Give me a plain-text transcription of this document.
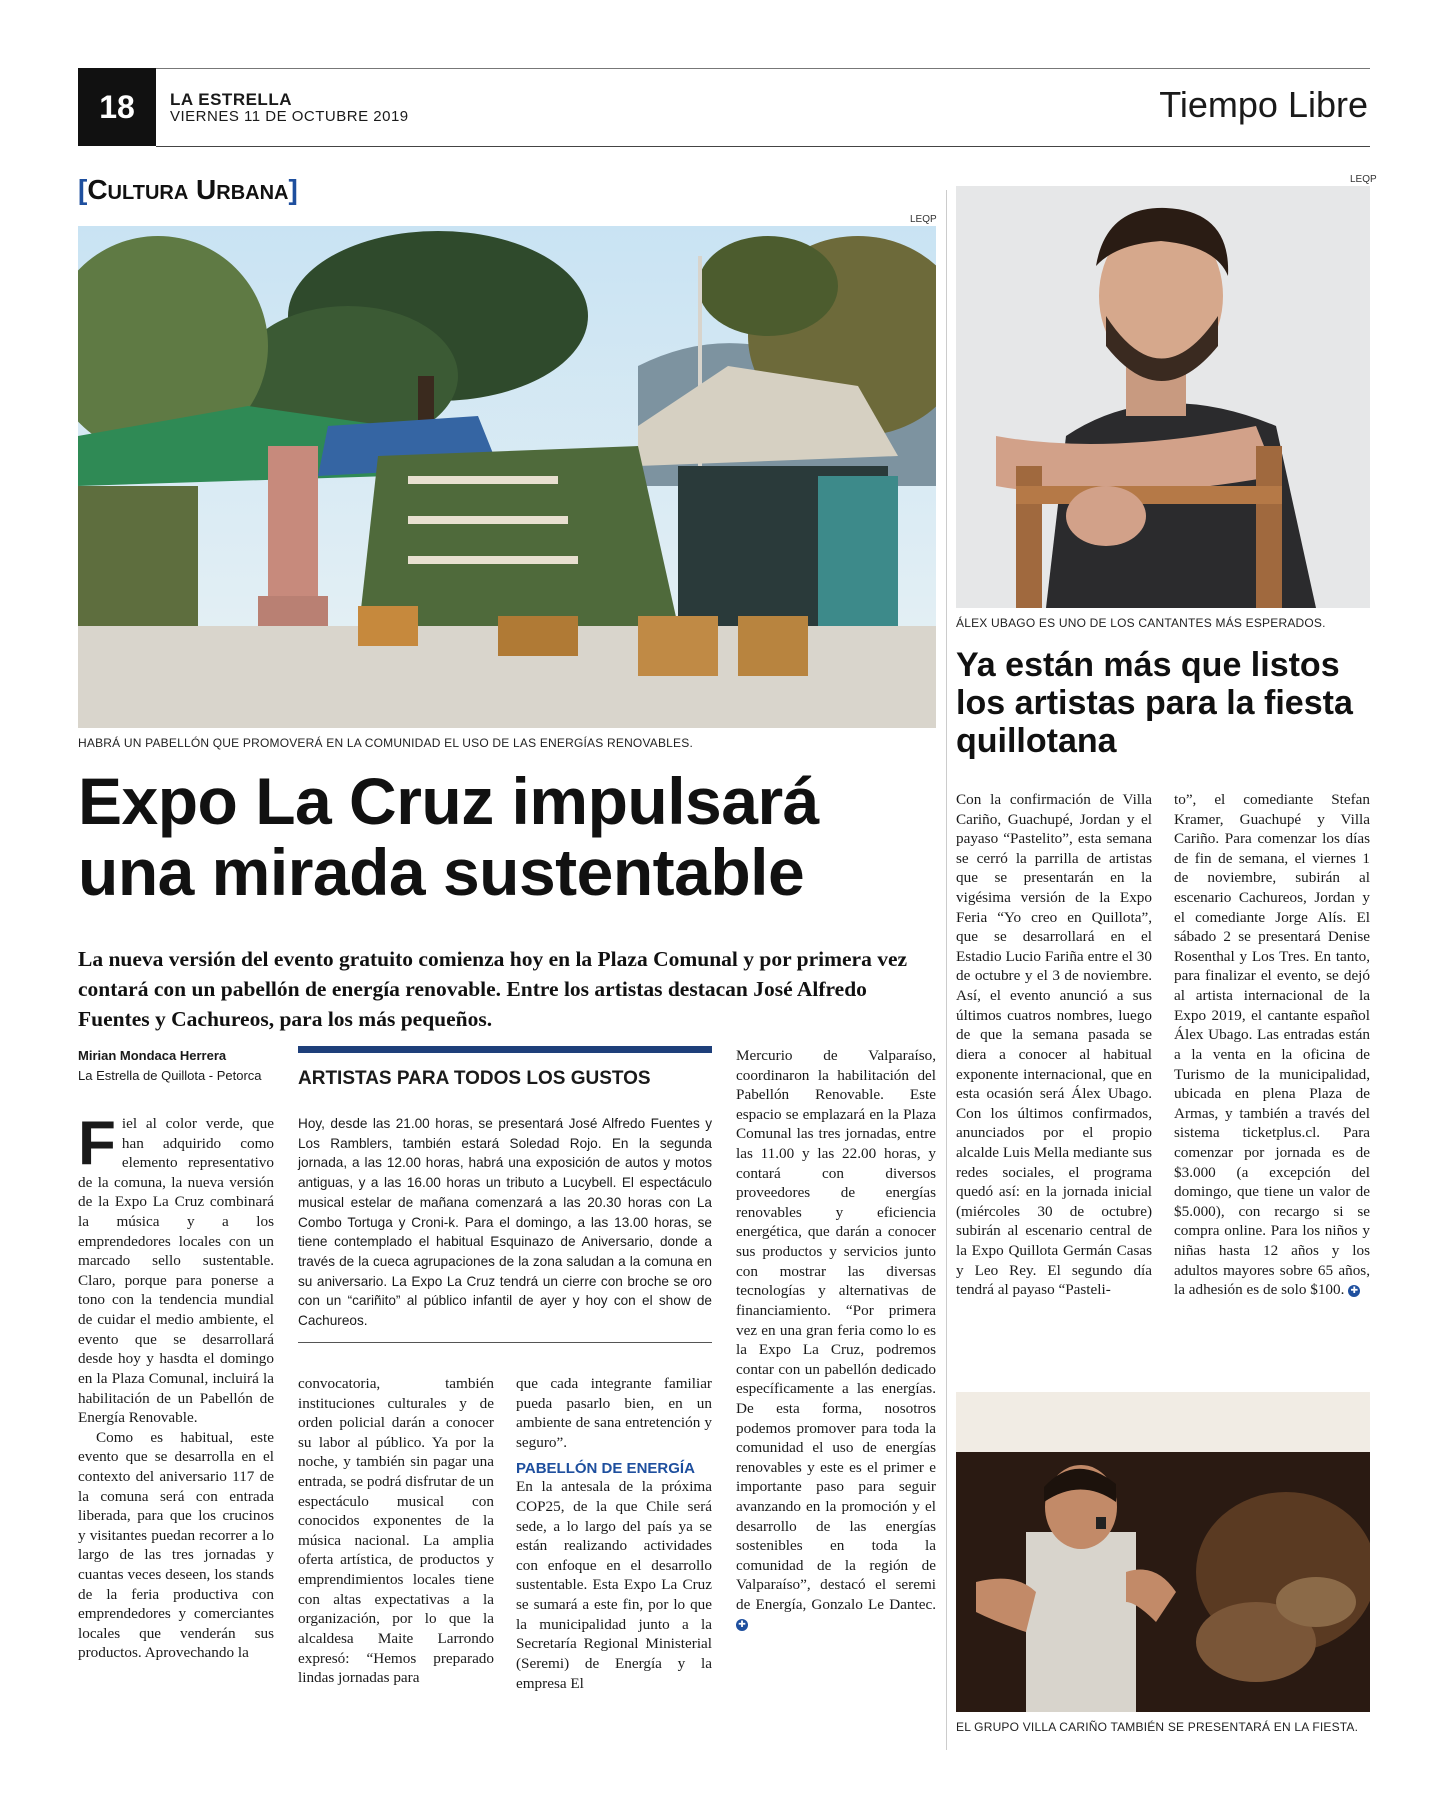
18	LA ESTRELLA
VIERNES 11 DE OCTUBRE 2019	Tiempo Libre
[Cultura Urbana]
LEQP
HABRÁ UN PABELLÓN QUE PROMOVERÁ EN LA COMUNIDAD EL USO DE LAS ENERGÍAS RENOVABLES.
Expo La Cruz impulsará una mirada sustentable
La nueva versión del evento gratuito comienza hoy en la Plaza Comunal y por primera vez contará con un pabellón de energía renovable. Entre los artistas destacan José Alfredo Fuentes y Cachureos, para los más pequeños.
Mirian Mondaca Herrera
La Estrella de Quillota - Petorca

Fiel al color verde, que han adquirido como elemento representativo de la comuna, la nueva versión de la Expo La Cruz combinará la música y a los emprendedores locales con un marcado sello sustentable. Claro, porque para ponerse a tono con la tendencia mundial de cuidar el medio ambiente, el evento que se desarrollará desde hoy y hasdta el domingo en la Plaza Comunal, incluirá la habilitación de un Pabellón de Energía Renovable.

Como es habitual, este evento que se desarrolla en el contexto del aniversario 117 de la comuna será con entrada liberada, para que los crucinos y visitantes puedan recorrer a lo largo de las tres jornadas y cuantas veces deseen, los stands de la feria productiva con emprendedores y comerciantes locales que venderán sus productos. Aprovechando la

ARTISTAS PARA TODOS LOS GUSTOS
Hoy, desde las 21.00 horas, se presentará José Alfredo Fuentes y Los Ramblers, también estará Soledad Rojo. En la segunda jornada, a las 12.00 horas, habrá una exposición de autos y motos antiguas, y a las 16.00 horas un tributo a Lucybell. El espectáculo musical estelar de mañana comenzará a las 20.30 horas con La Combo Tortuga y Croni-k. Para el domingo, a las 13.00 horas, se tiene contemplado el habitual Esquinazo de Aniversario, donde a través de la cueca agrupaciones de la zona saludan a la comuna en su aniversario. La Expo La Cruz tendrá un cierre con broche se oro con un “cariñito” al público infantil de ayer y hoy con el show de Cachureos.

convocatoria, también instituciones culturales y de orden policial darán a conocer su labor al público. Ya por la noche, y también sin pagar una entrada, se podrá disfrutar de un espectáculo musical con conocidos exponentes de la música nacional. La amplia oferta artística, de productos y emprendimientos locales tiene con altas expectativas a la organización, por lo que la alcaldesa Maite Larrondo expresó: “Hemos preparado lindas jornadas para

que cada integrante familiar pueda pasarlo bien, en un ambiente de sana entretención y seguro”.

PABELLÓN DE ENERGÍA

En la antesala de la próxima COP25, de la que Chile será sede, a lo largo del país ya se están realizando actividades con enfoque en el desarrollo sustentable. Esta Expo La Cruz se sumará a este fin, por lo que la municipalidad junto a la Secretaría Regional Ministerial (Seremi) de Energía y la empresa El

Mercurio de Valparaíso, coordinaron la habilitación del Pabellón Renovable. Este espacio se emplazará en la Plaza Comunal las tres jornadas, entre las 11.00 y las 22.00 horas, y contará con diversos proveedores de energías renovables y eficiencia energética, que darán a conocer sus productos y servicios junto con mostrar las diversas tecnologías y alternativas de financiamiento. “Por primera vez en una gran feria como lo es la Expo La Cruz, podremos contar con un pabellón dedicado específicamente a las energías. De esta forma, nosotros podemos promover para toda la comunidad el uso de energías renovables y este es el primer e importante paso para seguir avanzando en la promoción y el desarrollo de las energías sostenibles en toda la comunidad de la región de Valparaíso”, destacó el seremi de Energía, Gonzalo Le Dantec. ✚

LEQP
ÁLEX UBAGO ES UNO DE LOS CANTANTES MÁS ESPERADOS.
Ya están más que listos los artistas para la fiesta quillotana

Con la confirmación de Villa Cariño, Guachupé, Jordan y el payaso “Pastelito”, esta semana se cerró la parrilla de artistas que se presentarán en la vigésima versión de la Expo Feria “Yo creo en Quillota”, que se desarrollará en el Estadio Lucio Fariña entre el 30 de octubre y el 3 de noviembre. Así, el evento anunció a sus últimos cuatros nombres, luego de que la semana pasada se diera a conocer al habitual exponente internacional, que en esta ocasión será Álex Ubago. Con los últimos confirmados, anunciados por el propio alcalde Luis Mella mediante sus redes sociales, el programa quedó así: en la jornada inicial (miércoles 30 de octubre) subirán al escenario central de la Expo Quillota Germán Casas y Leo Rey. El segundo día tendrá al payaso “Pasteli-

to”, el comediante Stefan Kramer, Guachupé y Villa Cariño. Para comenzar los días de fin de semana, el viernes 1 de noviembre, subirán al escenario Cachureos, Jordan y el comediante Jorge Alís. El sábado 2 se presentará Denise Rosenthal y Los Tres. En tanto, para finalizar el evento, se dejó al artista internacional de la Expo 2019, el cantante español Álex Ubago. Las entradas están a la venta en la oficina de Turismo de la municipalidad, ubicada en plena Plaza de Armas, y también a través del sistema ticketplus.cl. Para comenzar por jornada es de $3.000 (a excepción del domingo, que tiene un valor de $5.000), con recargo si se compra online. Para los niños y niñas hasta 12 años y los adultos mayores sobre 65 años, la adhesión es de solo $100. ✚

EL GRUPO VILLA CARIÑO TAMBIÉN SE PRESENTARÁ EN LA FIESTA.
